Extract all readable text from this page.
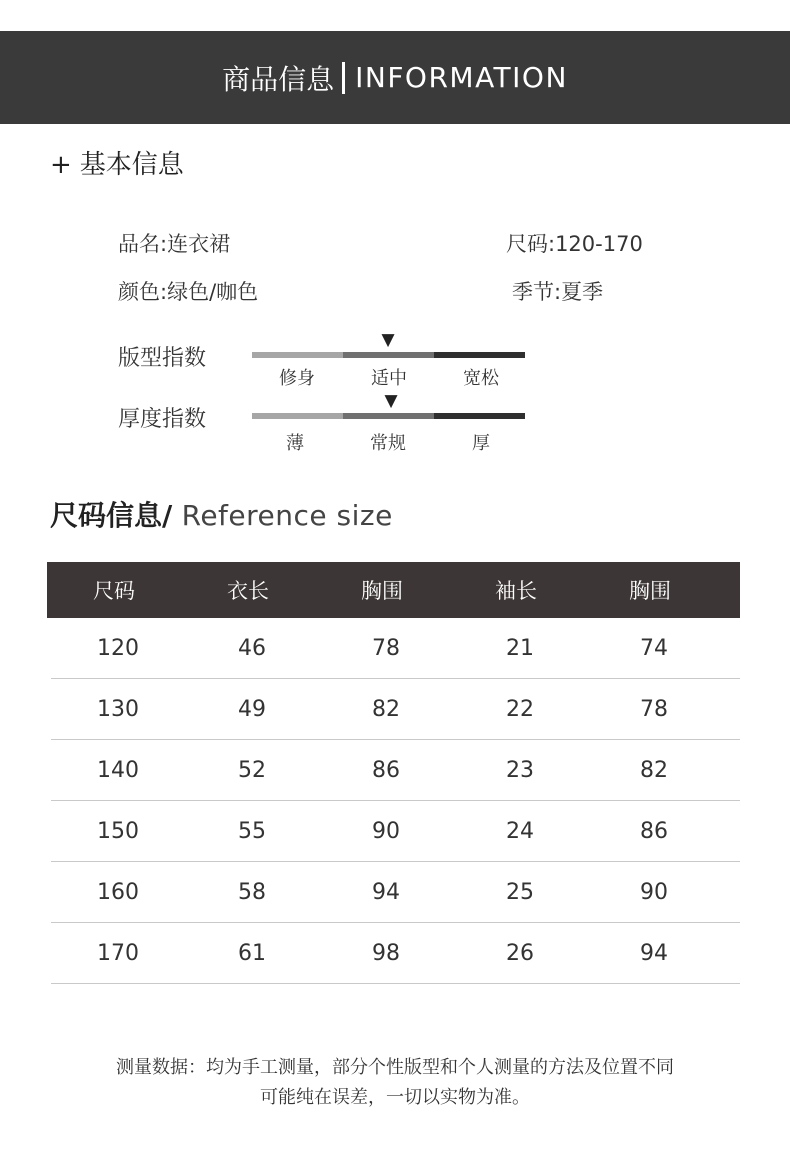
商品信息 INFORMATION
+ 基本信息
品名:连衣裙	尺码:120-170
颜色:绿色/咖色	季节:夏季
版型指数
▼
修身	适中	宽松
厚度指数
▼
薄	常规	厚
尺码信息/ Reference size
尺码	衣长	胸围	袖长	胸围
120	46	78	21	74
130	49	82	22	78
140	52	86	23	82
150	55	90	24	86
160	58	94	25	90
170	61	98	26	94
测量数据：均为手工测量，部分个性版型和个人测量的方法及位置不同
可能纯在误差，一切以实物为准。
